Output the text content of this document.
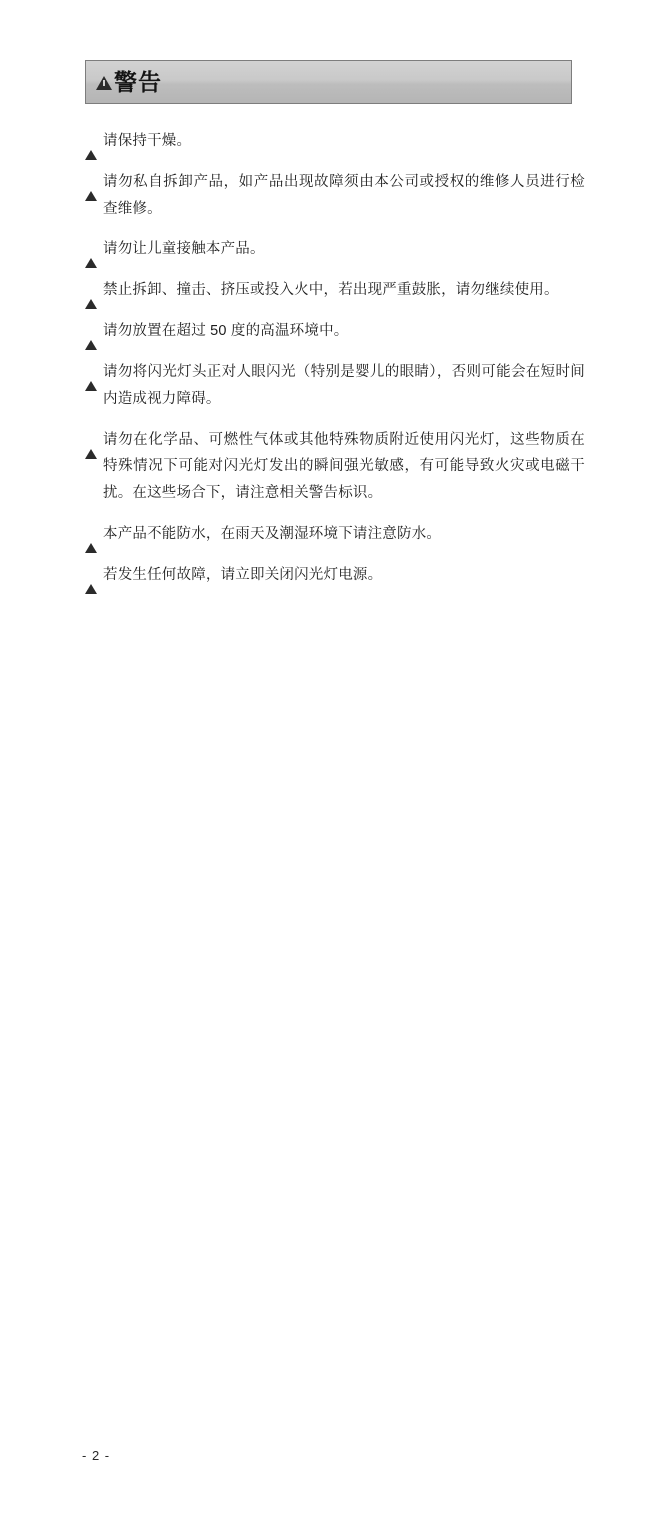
警告
请保持干燥。
请勿私自拆卸产品，如产品出现故障须由本公司或授权的维修人员进行检查维修。
请勿让儿童接触本产品。
禁止拆卸、撞击、挤压或投入火中，若出现严重鼓胀，请勿继续使用。
请勿放置在超过 50 度的高温环境中。
请勿将闪光灯头正对人眼闪光（特别是婴儿的眼睛），否则可能会在短时间内造成视力障碍。
请勿在化学品、可燃性气体或其他特殊物质附近使用闪光灯，这些物质在特殊情况下可能对闪光灯发出的瞬间强光敏感，有可能导致火灾或电磁干扰。在这些场合下，请注意相关警告标识。
本产品不能防水，在雨天及潮湿环境下请注意防水。
若发生任何故障，请立即关闭闪光灯电源。
- 2 -
